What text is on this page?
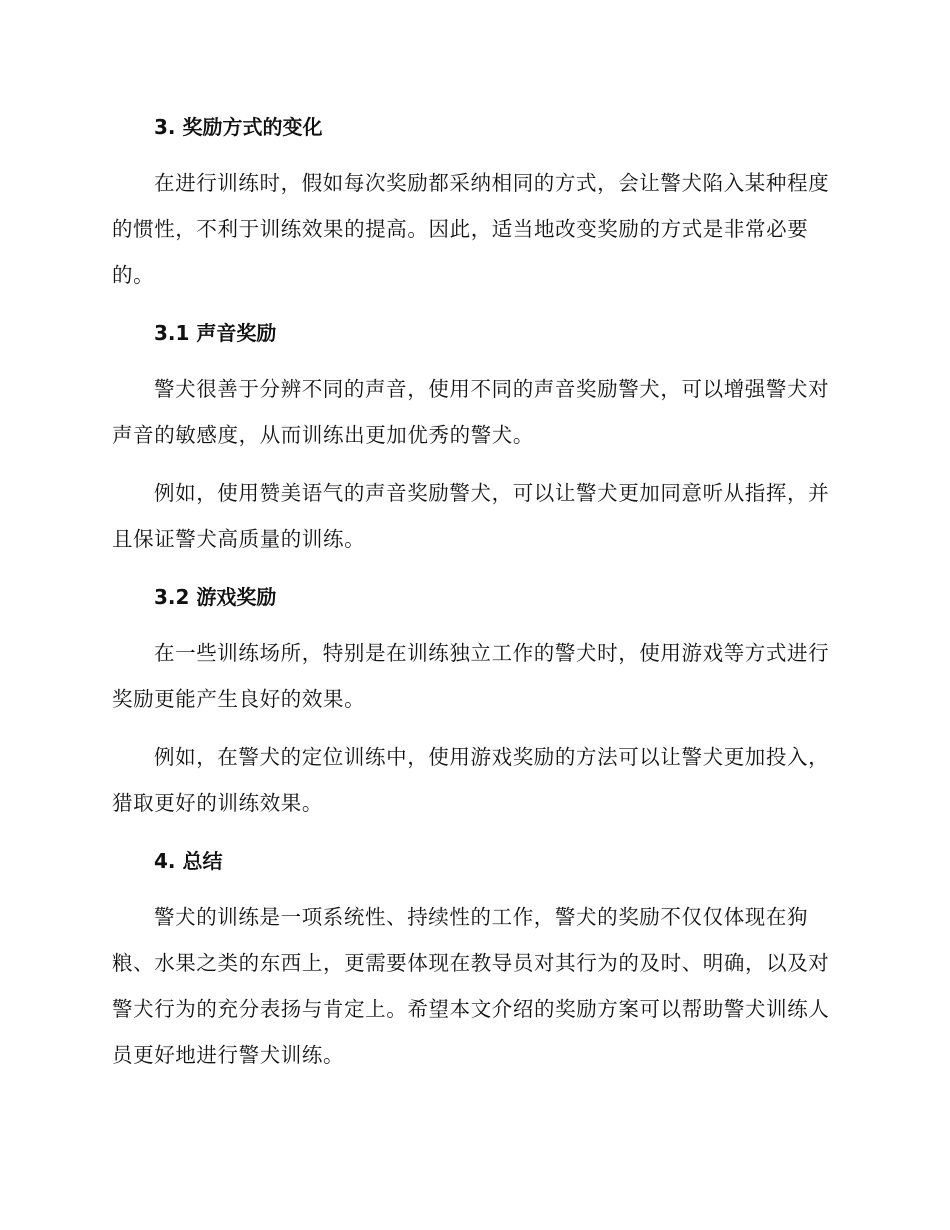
3. 奖励方式的变化

在进行训练时，假如每次奖励都采纳相同的方式，会让警犬陷入某种程度的惯性，不利于训练效果的提高。因此，适当地改变奖励的方式是非常必要的。

3.1 声音奖励

警犬很善于分辨不同的声音，使用不同的声音奖励警犬，可以增强警犬对声音的敏感度，从而训练出更加优秀的警犬。

例如，使用赞美语气的声音奖励警犬，可以让警犬更加同意听从指挥，并且保证警犬高质量的训练。

3.2 游戏奖励

在一些训练场所，特别是在训练独立工作的警犬时，使用游戏等方式进行奖励更能产生良好的效果。

例如，在警犬的定位训练中，使用游戏奖励的方法可以让警犬更加投入，猎取更好的训练效果。

4. 总结

警犬的训练是一项系统性、持续性的工作，警犬的奖励不仅仅体现在狗粮、水果之类的东西上，更需要体现在教导员对其行为的及时、明确，以及对警犬行为的充分表扬与肯定上。希望本文介绍的奖励方案可以帮助警犬训练人员更好地进行警犬训练。
